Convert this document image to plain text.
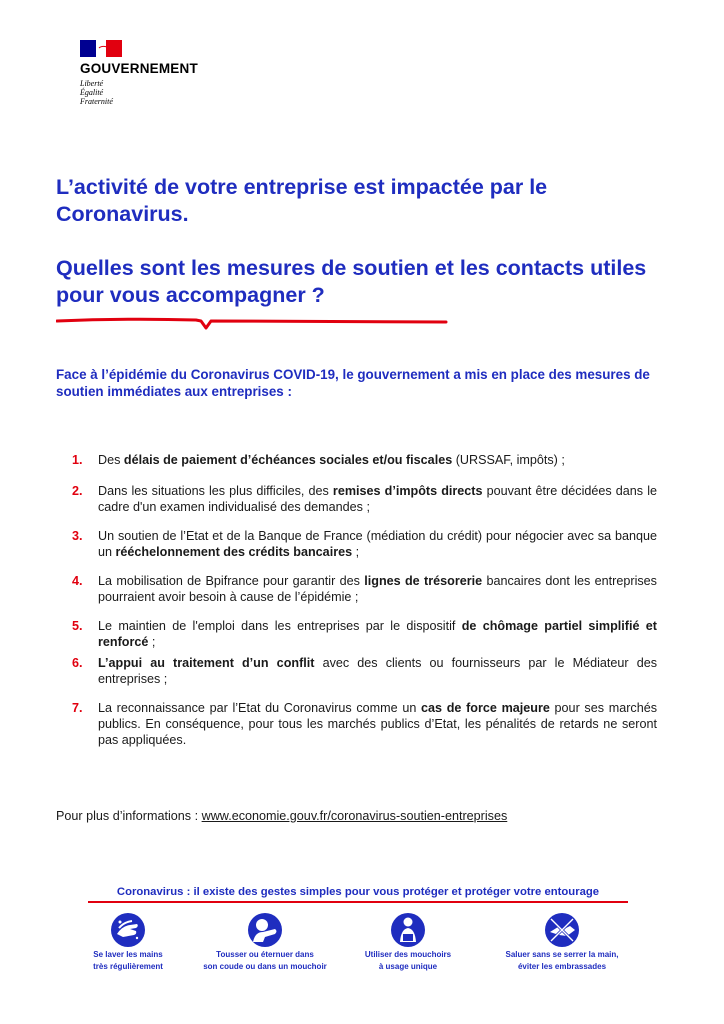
GOUVERNEMENT
Liberté
Égalité
Fraternité
L’activité de votre entreprise est impactée par le Coronavirus.
Quelles sont les mesures de soutien et les contacts utiles pour vous accompagner ?

Face à l’épidémie du Coronavirus COVID-19, le gouvernement a mis en place des mesures de soutien immédiates aux entreprises :

1.	Des délais de paiement d’échéances sociales et/ou fiscales (URSSAF, impôts) ;
2.	Dans les situations les plus difficiles, des remises d’impôts directs pouvant être décidées dans le cadre d'un examen individualisé des demandes ;
3.	Un soutien de l’Etat et de la Banque de France (médiation du crédit) pour négocier avec sa banque un rééchelonnement des crédits bancaires ;
4.	La mobilisation de Bpifrance pour garantir des lignes de trésorerie bancaires dont les entreprises pourraient avoir besoin à cause de l’épidémie ;
5.	Le maintien de l'emploi dans les entreprises par le dispositif de chômage partiel simplifié et renforcé ;
6.	L’appui au traitement d’un conflit avec des clients ou fournisseurs par le Médiateur des entreprises ;
7.	La reconnaissance par l’Etat du Coronavirus comme un cas de force majeure pour ses marchés publics. En conséquence, pour tous les marchés publics d’Etat, les pénalités de retards ne seront pas appliquées.
Pour plus d’informations : www.economie.gouv.fr/coronavirus-soutien-entreprises
Coronavirus : il existe des gestes simples pour vous protéger et protéger votre entourage
Se laver les mains
très régulièrement
Tousser ou éternuer dans
son coude ou dans un mouchoir
Utiliser des mouchoirs
à usage unique
Saluer sans se serrer la main,
éviter les embrassades
